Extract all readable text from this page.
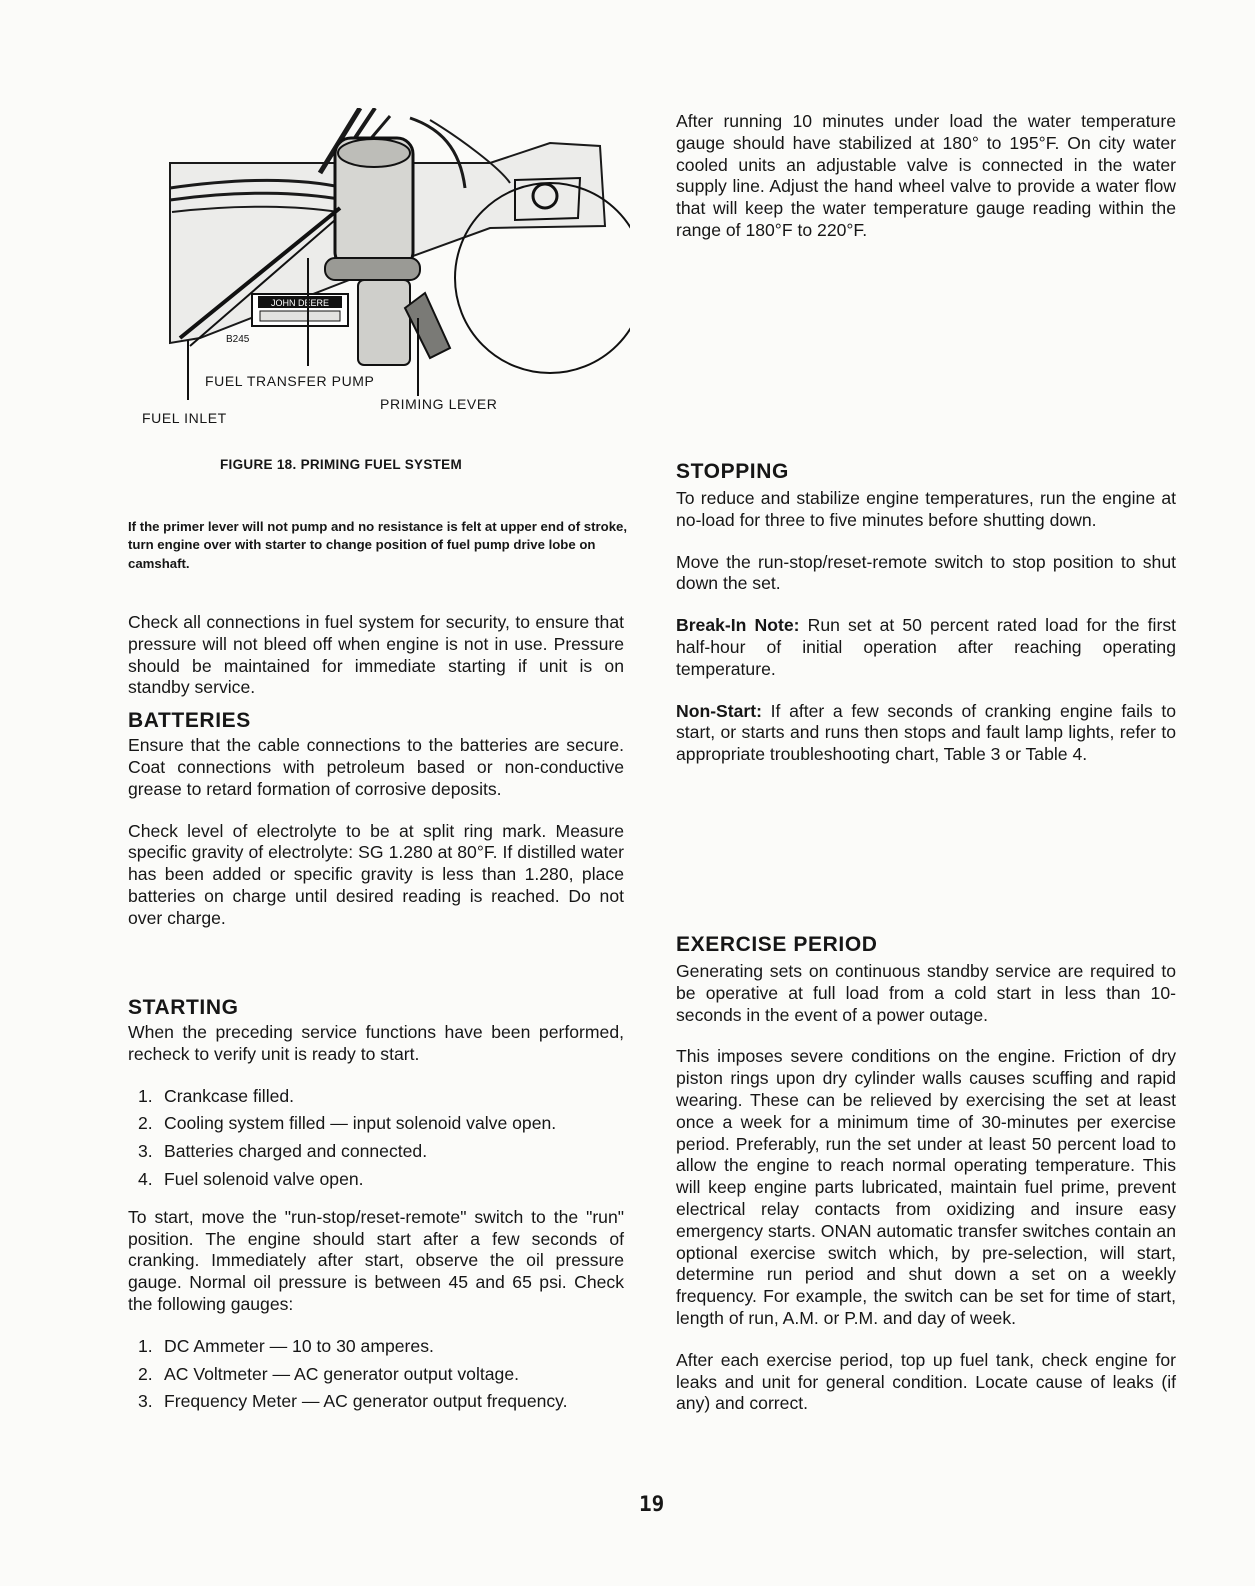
JOHN DEERE
B245
FUEL TRANSFER PUMP
PRIMING LEVER
FUEL INLET
FIGURE 18. PRIMING FUEL SYSTEM
If the primer lever will not pump and no resistance is felt at upper end of stroke, turn engine over with starter to change position of fuel pump drive lobe on camshaft.

Check all connections in fuel system for security, to ensure that pressure will not bleed off when engine is not in use. Pressure should be maintained for immediate starting if unit is on standby service.

BATTERIES

Ensure that the cable connections to the batteries are secure. Coat connections with petroleum based or non-conductive grease to retard formation of corrosive deposits.

Check level of electrolyte to be at split ring mark. Measure specific gravity of electrolyte: SG 1.280 at 80°F. If distilled water has been added or specific gravity is less than 1.280, place batteries on charge until desired reading is reached. Do not over charge.

STARTING

When the preceding service functions have been performed, recheck to verify unit is ready to start.

1. Crankcase filled.
2. Cooling system filled — input solenoid valve open.
3. Batteries charged and connected.
4. Fuel solenoid valve open.

To start, move the "run-stop/reset-remote" switch to the "run" position. The engine should start after a few seconds of cranking. Immediately after start, observe the oil pressure gauge. Normal oil pressure is between 45 and 65 psi. Check the following gauges:

1. DC Ammeter — 10 to 30 amperes.
2. AC Voltmeter — AC generator output voltage.
3. Frequency Meter — AC generator output frequency.

After running 10 minutes under load the water temperature gauge should have stabilized at 180° to 195°F. On city water cooled units an adjustable valve is connected in the water supply line. Adjust the hand wheel valve to provide a water flow that will keep the water temperature gauge reading within the range of 180°F to 220°F.

STOPPING

To reduce and stabilize engine temperatures, run the engine at no-load for three to five minutes before shutting down.

Move the run-stop/reset-remote switch to stop position to shut down the set.

Break-In Note: Run set at 50 percent rated load for the first half-hour of initial operation after reaching operating temperature.

Non-Start: If after a few seconds of cranking engine fails to start, or starts and runs then stops and fault lamp lights, refer to appropriate troubleshooting chart, Table 3 or Table 4.

EXERCISE PERIOD

Generating sets on continuous standby service are required to be operative at full load from a cold start in less than 10-seconds in the event of a power outage.

This imposes severe conditions on the engine. Friction of dry piston rings upon dry cylinder walls causes scuffing and rapid wearing. These can be relieved by exercising the set at least once a week for a minimum time of 30-minutes per exercise period. Preferably, run the set under at least 50 percent load to allow the engine to reach normal operating temperature. This will keep engine parts lubricated, maintain fuel prime, prevent electrical relay contacts from oxidizing and insure easy emergency starts. ONAN automatic transfer switches contain an optional exercise switch which, by pre-selection, will start, determine run period and shut down a set on a weekly frequency. For example, the switch can be set for time of start, length of run, A.M. or P.M. and day of week.

After each exercise period, top up fuel tank, check engine for leaks and unit for general condition. Locate cause of leaks (if any) and correct.

19
